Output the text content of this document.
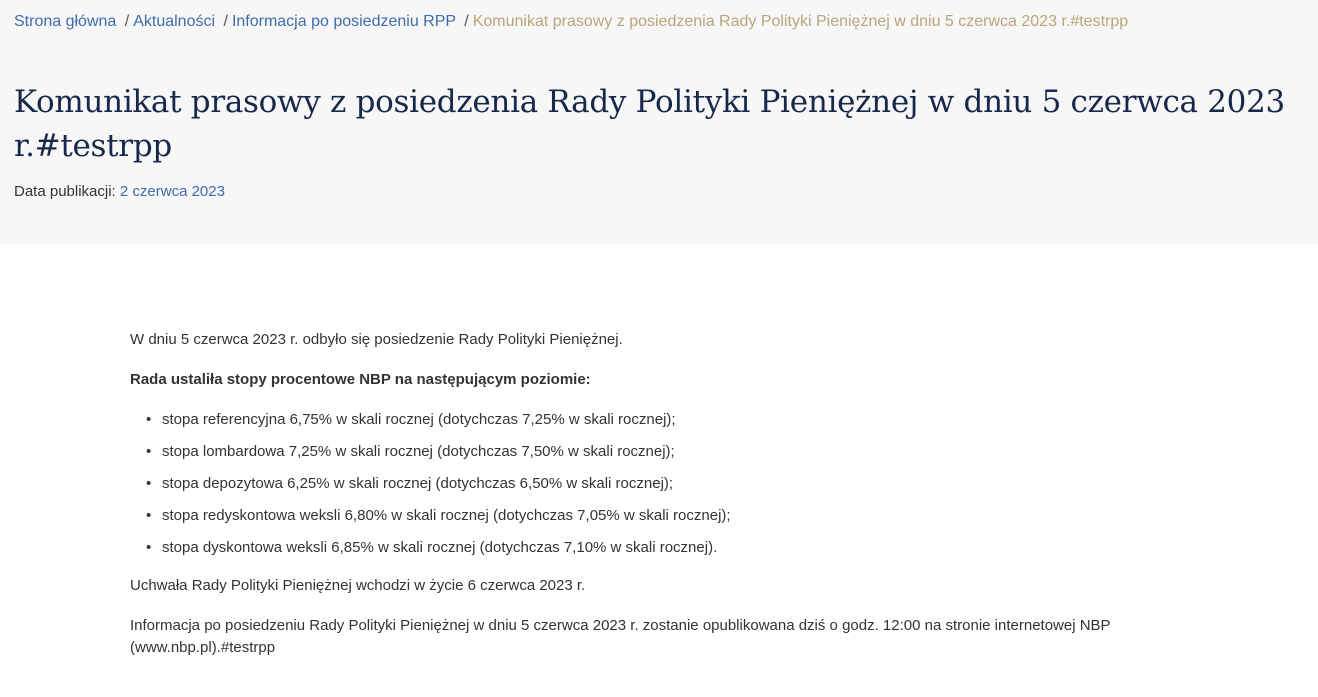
Strona główna / Aktualności / Informacja po posiedzeniu RPP / Komunikat prasowy z posiedzenia Rady Polityki Pieniężnej w dniu 5 czerwca 2023 r.#testrpp
Komunikat prasowy z posiedzenia Rady Polityki Pieniężnej w dniu 5 czerwca 2023 r.#testrpp
Data publikacji: 2 czerwca 2023

W dniu 5 czerwca 2023 r. odbyło się posiedzenie Rady Polityki Pieniężnej.

Rada ustaliła stopy procentowe NBP na następującym poziomie:

• stopa referencyjna 6,75% w skali rocznej (dotychczas 7,25% w skali rocznej);
• stopa lombardowa 7,25% w skali rocznej (dotychczas 7,50% w skali rocznej);
• stopa depozytowa 6,25% w skali rocznej (dotychczas 6,50% w skali rocznej);
• stopa redyskontowa weksli 6,80% w skali rocznej (dotychczas 7,05% w skali rocznej);
• stopa dyskontowa weksli 6,85% w skali rocznej (dotychczas 7,10% w skali rocznej).

Uchwała Rady Polityki Pieniężnej wchodzi w życie 6 czerwca 2023 r.

Informacja po posiedzeniu Rady Polityki Pieniężnej w dniu 5 czerwca 2023 r. zostanie opublikowana dziś o godz. 12:00 na stronie internetowej NBP (www.nbp.pl).#testrpp
